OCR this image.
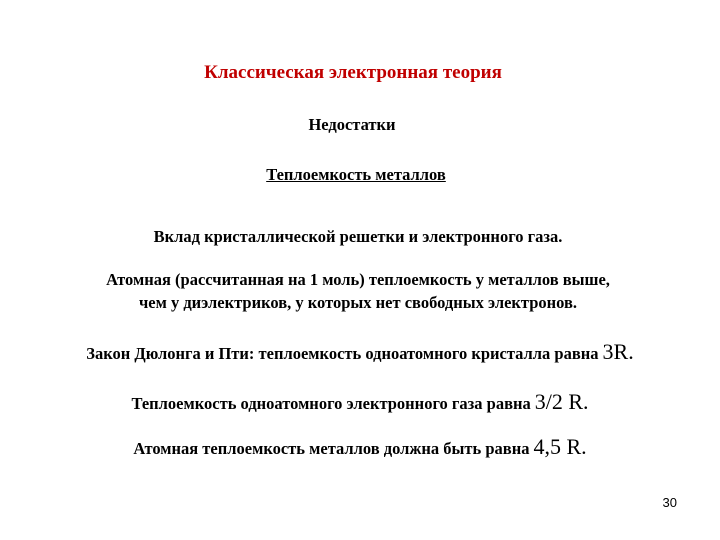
Классическая электронная теория
Недостатки
Теплоемкость металлов
Вклад кристаллической решетки и электронного газа.
Атомная (рассчитанная на 1 моль) теплоемкость у металлов выше,
чем у диэлектриков, у которых нет свободных электронов.
Закон Дюлонга и Пти: теплоемкость одноатомного кристалла равна 3R.
Теплоемкость одноатомного электронного газа равна 3/2 R.
Атомная теплоемкость металлов должна быть равна 4,5 R.
30
